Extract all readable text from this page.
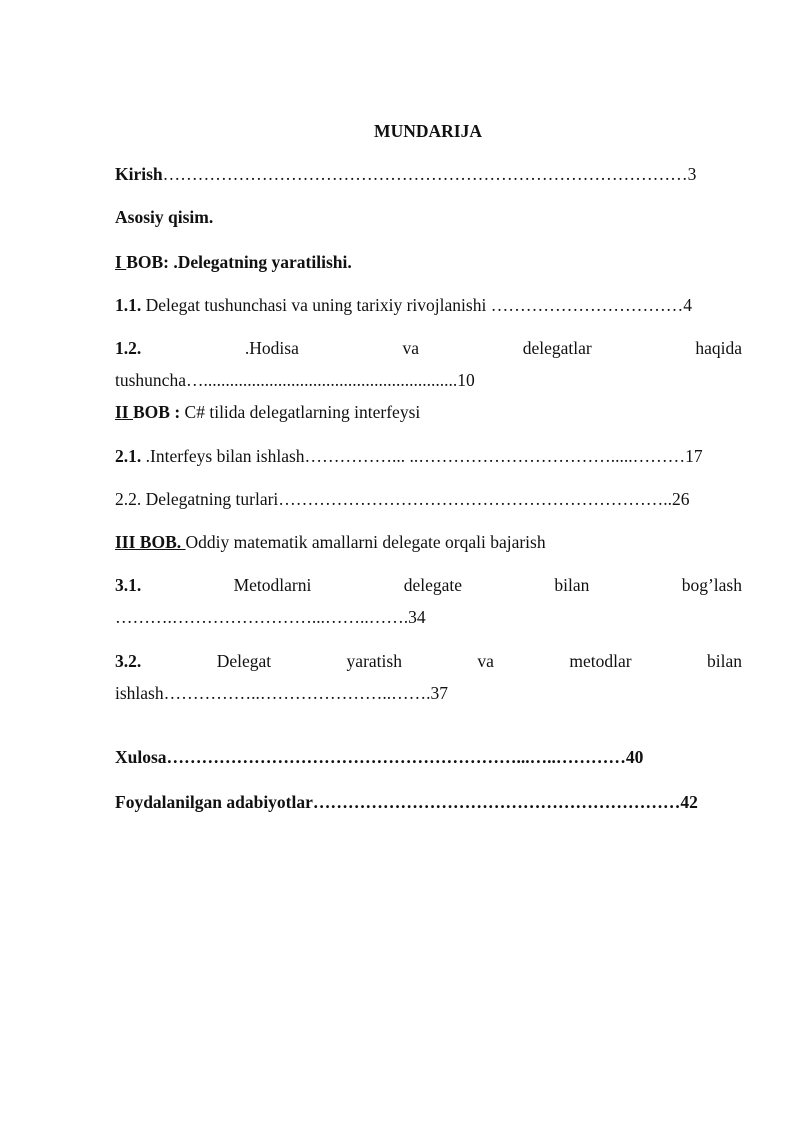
MUNDARIJA
Kirish………………………………………………………………………………3
Asosiy qisim.
I BOB: .Delegatning yaratilishi.
1.1. Delegat tushunchasi va uning tarixiy rivojlanishi ……………………………4
1.2.	.Hodisa	va	delegatlar	haqida
tushuncha…..........................................................10
II BOB : C# tilida delegatlarning interfeysi
2.1. .Interfeys bilan ishlash……………... ..…………………………….....………17
2.2. Delegatning turlari…………………………………………………………..26
III BOB. Oddiy matematik amallarni delegate orqali bajarish
3.1.	Metodlarni	delegate	bilan	bog’lash
……….……………………...……..…….34
3.2.	Delegat	yaratish	va	metodlar	bilan
ishlash……………..…………………..…….37
Xulosa……………………………………………………...…..…………40
Foydalanilgan adabiyotlar………………………………………………………42
